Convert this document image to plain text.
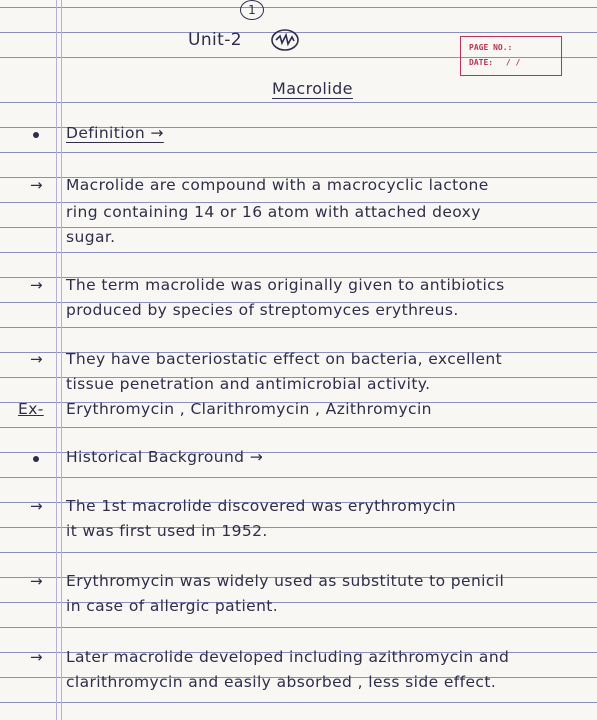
1
Unit-2	PAGE NO.:
DATE: / /
Macrolide
Definition →
→ Macrolide are compound with a macrocyclic lactone
ring containing 14 or 16 atom with attached deoxy
sugar.
→ The term macrolide was originally given to antibiotics
produced by species of streptomyces erythreus.
→ They have bacteriostatic effect on bacteria, excellent
tissue penetration and antimicrobial activity.
Ex- Erythromycin , Clarithromycin , Azithromycin
Historical Background →
→ The 1st macrolide discovered was erythromycin
it was first used in 1952.
→ Erythromycin was widely used as substitute to penicil
in case of allergic patient.
→ Later macrolide developed including azithromycin and
clarithromycin and easily absorbed , less side effect.
